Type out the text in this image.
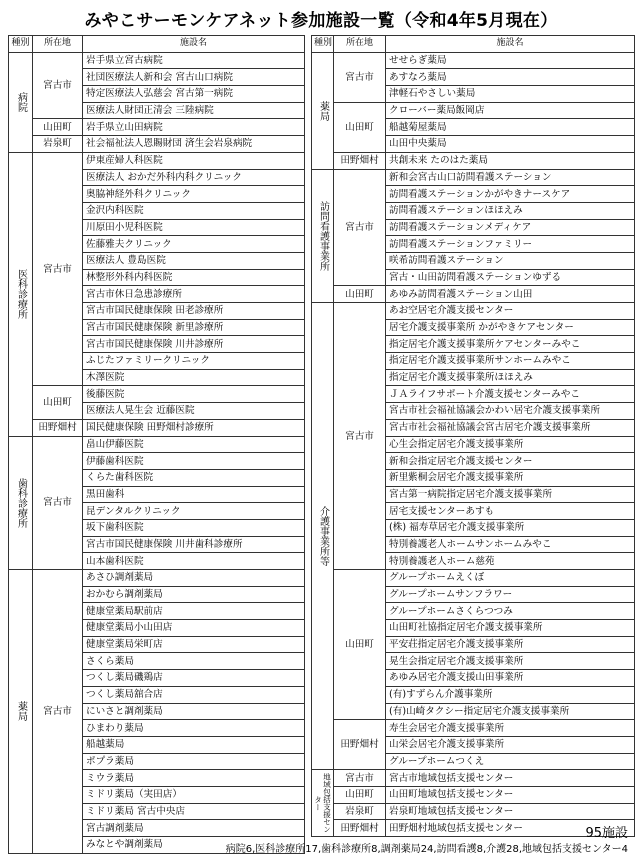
みやこサーモンケアネット参加施設一覧（令和4年5月現在）
種別	所在地	施設名
病院	宮古市	岩手県立宮古病院
		社団医療法人新和会 宮古山口病院
		特定医療法人弘慈会 宮古第一病院
		医療法人財団正清会 三陸病院
	山田町	岩手県立山田病院
	岩泉町	社会福祉法人恩賜財団 済生会岩泉病院
医科診療所	宮古市	伊東産婦人科医院
		医療法人 おかだ外科内科クリニック
		奥脇神経外科クリニック
		金沢内科医院
		川原田小児科医院
		佐藤雅夫クリニック
		医療法人 豊島医院
		林整形外科内科医院
		宮古市休日急患診療所
		宮古市国民健康保険 田老診療所
		宮古市国民健康保険 新里診療所
		宮古市国民健康保険 川井診療所
		ふじたファミリークリニック
		木澤医院
	山田町	後藤医院
		医療法人晃生会 近藤医院
	田野畑村	国民健康保険 田野畑村診療所
歯科診療所	宮古市	畠山伊藤医院
		伊藤歯科医院
		くらた歯科医院
		黒田歯科
		昆デンタルクリニック
		坂下歯科医院
		宮古市国民健康保険 川井歯科診療所
		山本歯科医院
薬局	宮古市	あさひ調剤薬局
		おかむら調剤薬局
		健康堂薬局駅前店
		健康堂薬局小山田店
		健康堂薬局栄町店
		さくら薬局
		つくし薬局磯鶏店
		つくし薬局舘合店
		にいさと調剤薬局
		ひまわり薬局
		船越薬局
		ポプラ薬局
		ミウラ薬局
		ミドリ薬局（実田店）
		ミドリ薬局 宮古中央店
		宮古調剤薬局
		みなとや調剤薬局
種別	所在地	施設名
薬局	宮古市	せせらぎ薬局
		あすなろ薬局
		津軽石やさしい薬局
	山田町	クローバー薬局飯岡店
		船越菊屋薬局
		山田中央薬局
	田野畑村	共創未来 たのはた薬局
訪問看護事業所	宮古市	新和会宮古山口訪問看護ステーション
		訪問看護ステーションかがやきナースケア
		訪問看護ステーションほほえみ
		訪問看護ステーションメディケア
		訪問看護ステーションファミリー
		咲希訪問看護ステーション
		宮古・山田訪問看護ステーションゆずる
	山田町	あゆみ訪問看護ステーション山田
介護事業所等	宮古市	あお空居宅介護支援センター
		居宅介護支援事業所 かがやきケアセンター
		指定居宅介護支援事業所ケアセンターみやこ
		指定居宅介護支援事業所サンホームみやこ
		指定居宅介護支援事業所ほほえみ
		ＪＡライフサポート介護支援センターみやこ
		宮古市社会福祉協議会かわい居宅介護支援事業所
		宮古市社会福祉協議会宮古居宅介護支援事業所
		心生会指定居宅介護支援事業所
		新和会指定居宅介護支援センター
		新里紫桐会居宅介護支援事業所
		宮古第一病院指定居宅介護支援事業所
		居宅支援センターあすも
		(株) 福寿草居宅介護支援事業所
		特別養護老人ホームサンホームみやこ
		特別養護老人ホーム慈苑
	山田町	グループホームえくぼ
		グループホームサンフラワー
		グループホームさくらつつみ
		山田町社協指定居宅介護支援事業所
		平安荘指定居宅介護支援事業所
		晃生会指定居宅介護支援事業所
		あゆみ居宅介護支援山田事業所
		(有)すずらん介護事業所
		(有)山崎タクシー指定居宅介護支援事業所
	田野畑村	寿生会居宅介護支援事業所
		山栄会居宅介護支援事業所
		グループホームつくえ
地域包括支援センター	宮古市	宮古市地域包括支援センター
	山田町	山田町地域包括支援センター
	岩泉町	岩泉町地域包括支援センター
	田野畑村	田野畑村地域包括支援センター	95施設
病院6,医科診療所17,歯科診療所8,調剤薬局24,訪問看護8,介護28,地域包括支援センター4
